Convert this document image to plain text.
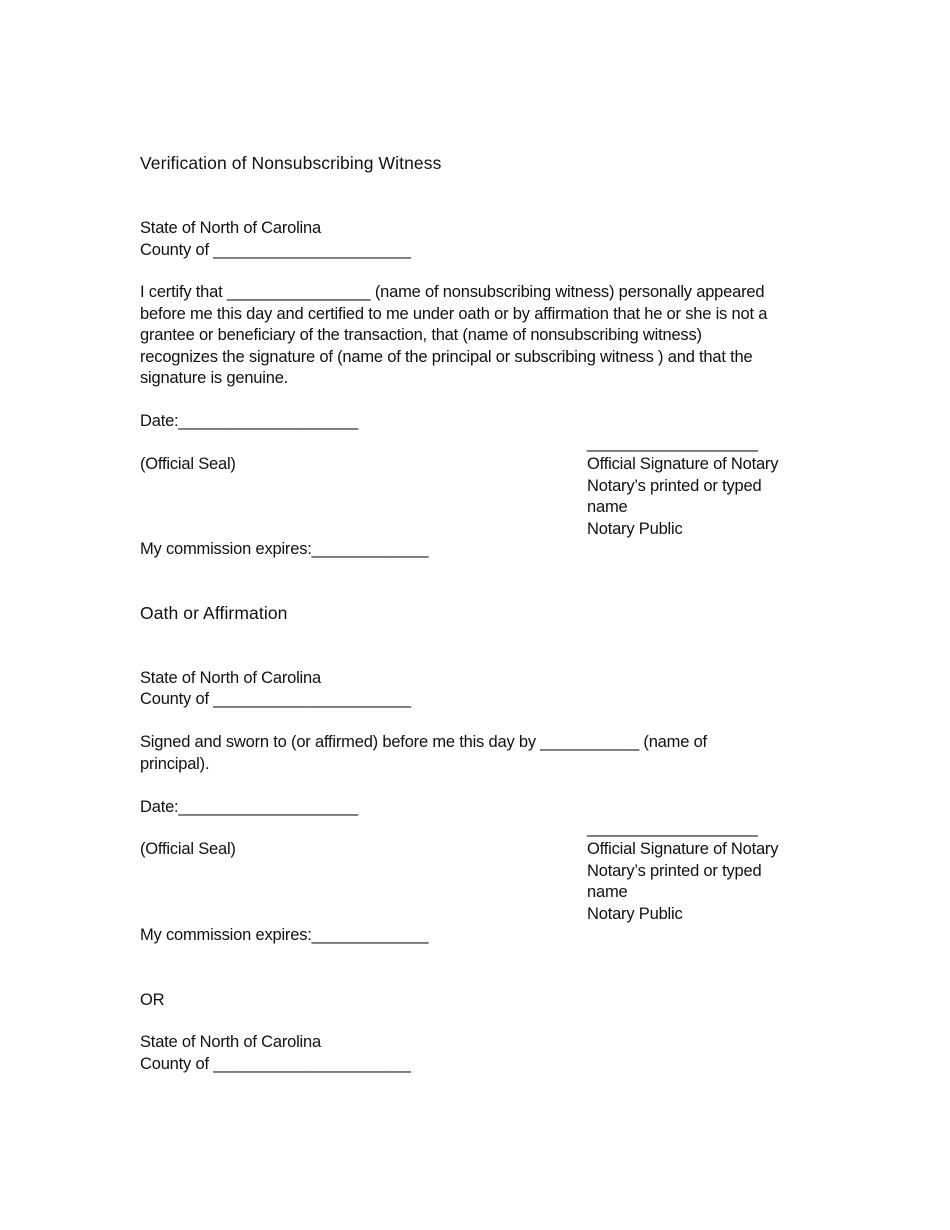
Verification of Nonsubscribing Witness
State of North of Carolina
County of ______________________
I certify that ________________ (name of nonsubscribing witness) personally appeared
before me this day and certified to me under oath or by affirmation that he or she is not a
grantee or beneficiary of the transaction, that (name of nonsubscribing witness)
recognizes the signature of (name of the principal or subscribing witness ) and that the
signature is genuine.
Date:____________________
___________________
(Official Seal)	Official Signature of Notary
Notary’s printed or typed
name
Notary Public
My commission expires:_____________
Oath or Affirmation
State of North of Carolina
County of ______________________
Signed and sworn to (or affirmed) before me this day by ___________ (name of
principal).
Date:____________________
___________________
(Official Seal)	Official Signature of Notary
Notary’s printed or typed
name
Notary Public
My commission expires:_____________
OR
State of North of Carolina
County of ______________________
